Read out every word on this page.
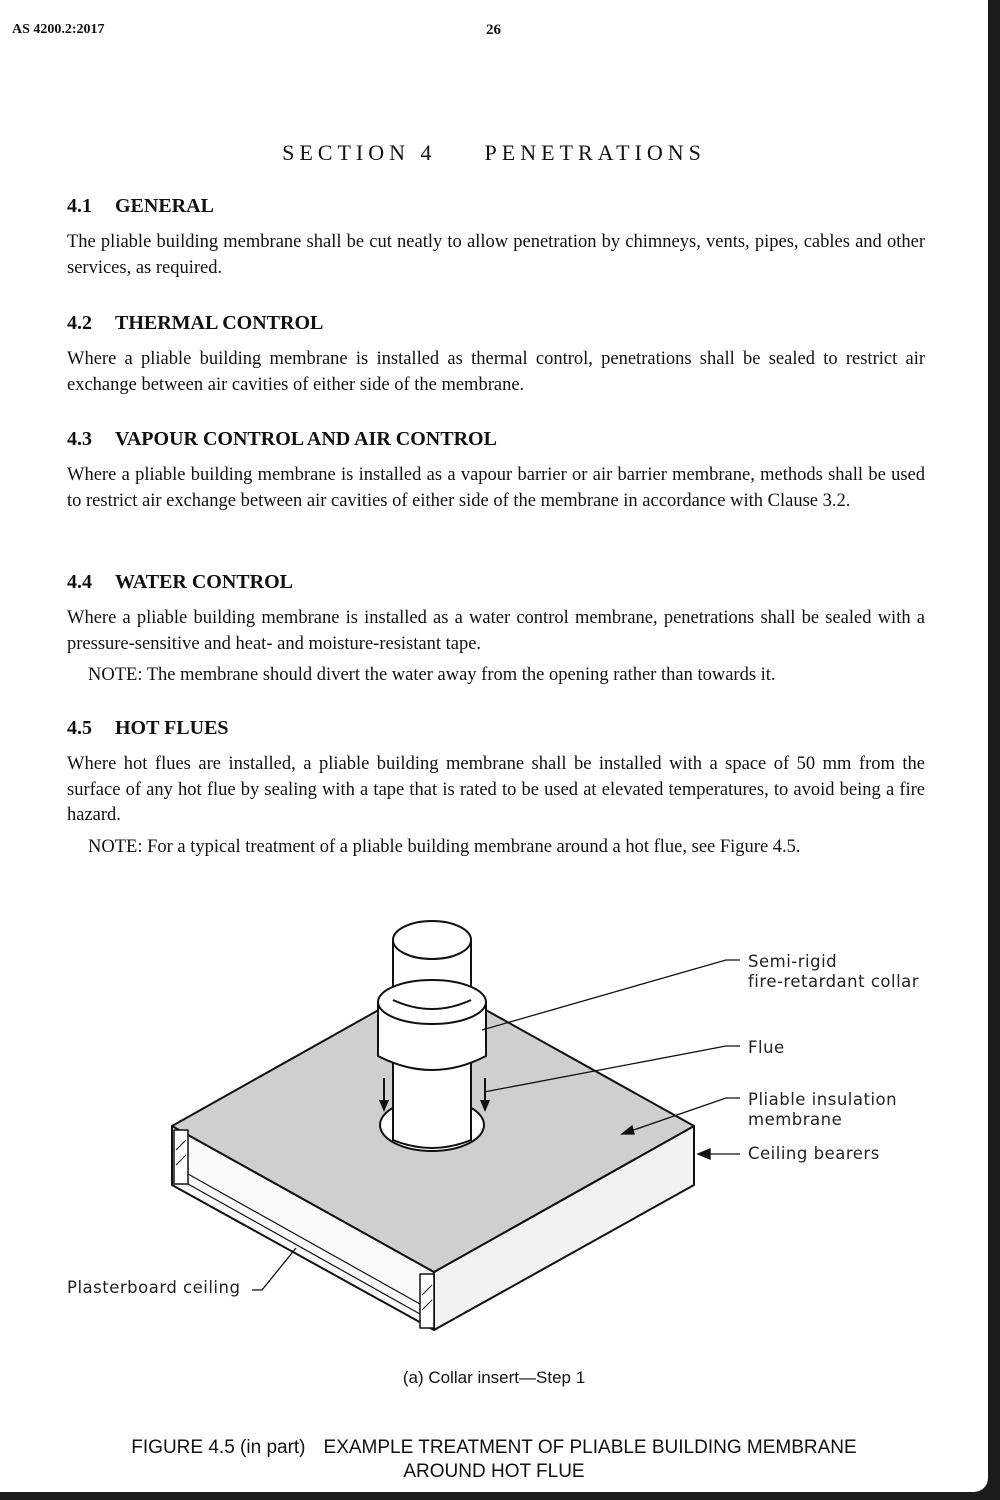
AS 4200.2:2017	26
SECTION 4 PENETRATIONS
4.1 GENERAL

The pliable building membrane shall be cut neatly to allow penetration by chimneys, vents, pipes, cables and other services, as required.

4.2 THERMAL CONTROL

Where a pliable building membrane is installed as thermal control, penetrations shall be sealed to restrict air exchange between air cavities of either side of the membrane.

4.3 VAPOUR CONTROL AND AIR CONTROL

Where a pliable building membrane is installed as a vapour barrier or air barrier membrane, methods shall be used to restrict air exchange between air cavities of either side of the membrane in accordance with Clause 3.2.

4.4 WATER CONTROL

Where a pliable building membrane is installed as a water control membrane, penetrations shall be sealed with a pressure-sensitive and heat- and moisture-resistant tape.

NOTE: The membrane should divert the water away from the opening rather than towards it.

4.5 HOT FLUES

Where hot flues are installed, a pliable building membrane shall be installed with a space of 50 mm from the surface of any hot flue by sealing with a tape that is rated to be used at elevated temperatures, to avoid being a fire hazard.

NOTE: For a typical treatment of a pliable building membrane around a hot flue, see Figure 4.5.

Semi-rigid
fire-retardant collar
Flue
Pliable insulation
membrane
Ceiling bearers
Plasterboard ceiling
(a) Collar insert—Step 1
FIGURE 4.5 (in part) EXAMPLE TREATMENT OF PLIABLE BUILDING MEMBRANE
AROUND HOT FLUE
